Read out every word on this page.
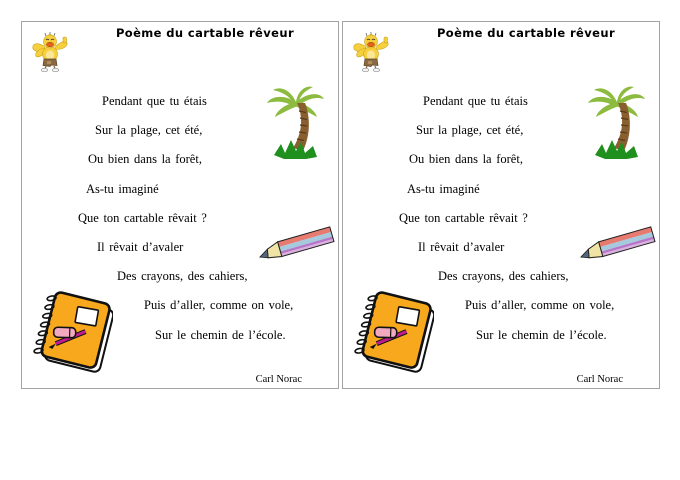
Poème du cartable rêveur
Pendant que tu étais
Sur la plage, cet été,
Ou bien dans la forêt,
As-tu imaginé
Que ton cartable rêvait ?
Il rêvait d’avaler
Des crayons, des cahiers,
Puis d’aller, comme on vole,
Sur le chemin de l’école.
Carl Norac
Poème du cartable rêveur
Pendant que tu étais
Sur la plage, cet été,
Ou bien dans la forêt,
As-tu imaginé
Que ton cartable rêvait ?
Il rêvait d’avaler
Des crayons, des cahiers,
Puis d’aller, comme on vole,
Sur le chemin de l’école.
Carl Norac
